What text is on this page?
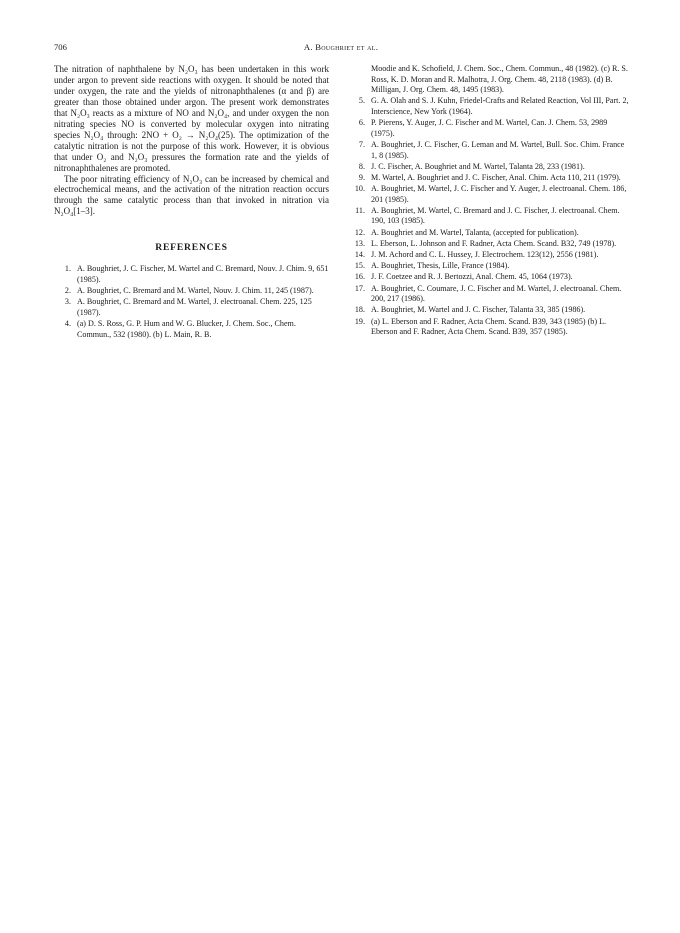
706	A. Boughriet et al.

The nitration of naphthalene by N₂O₃ has been undertaken in this work under argon to prevent side reactions with oxygen. It should be noted that under oxygen, the rate and the yields of nitronaphthalenes (α and β) are greater than those obtained under argon. The present work demonstrates that N₂O₃ reacts as a mixture of NO and N₂O₄, and under oxygen the non nitrating species NO is converted by molecular oxygen into nitrating species N₂O₄ through: 2NO + O₂ → N₂O₄(25). The optimization of the catalytic nitration is not the purpose of this work. However, it is obvious that under O₂ and N₂O₃ pressures the formation rate and the yields of nitronaphthalenes are promoted.

The poor nitrating efficiency of N₂O₃ can be increased by chemical and electrochemical means, and the activation of the nitration reaction occurs through the same catalytic process than that invoked in nitration via N₂O₄[1–3].

REFERENCES
1. A. Boughriet, J. C. Fischer, M. Wartel and C. Bremard, Nouv. J. Chim. 9, 651 (1985).
2. A. Boughriet, C. Bremard and M. Wartel, Nouv. J. Chim. 11, 245 (1987).
3. A. Boughriet, C. Bremard and M. Wartel, J. electroanal. Chem. 225, 125 (1987).
4. (a) D. S. Ross, G. P. Hum and W. G. Blucker, J. Chem. Soc., Chem. Commun., 532 (1980). (b) L. Main, R. B.
Moodie and K. Schofield, J. Chem. Soc., Chem. Commun., 48 (1982). (c) R. S. Ross, K. D. Moran and R. Malhotra, J. Org. Chem. 48, 2118 (1983). (d) B. Milligan, J. Org. Chem. 48, 1495 (1983).
5. G. A. Olah and S. J. Kuhn, Friedel-Crafts and Related Reaction, Vol III, Part. 2, Interscience, New York (1964).
6. P. Pierens, Y. Auger, J. C. Fischer and M. Wartel, Can. J. Chem. 53, 2989 (1975).
7. A. Boughriet, J. C. Fischer, G. Leman and M. Wartel, Bull. Soc. Chim. France 1, 8 (1985).
8. J. C. Fischer, A. Boughriet and M. Wartel, Talanta 28, 233 (1981).
9. M. Wartel, A. Boughriet and J. C. Fischer, Anal. Chim. Acta 110, 211 (1979).
10. A. Boughriet, M. Wartel, J. C. Fischer and Y. Auger, J. electroanal. Chem. 186, 201 (1985).
11. A. Boughriet, M. Wartel, C. Bremard and J. C. Fischer, J. electroanal. Chem. 190, 103 (1985).
12. A. Boughriet and M. Wartel, Talanta, (accepted for publication).
13. L. Eberson, L. Johnson and F. Radner, Acta Chem. Scand. B32, 749 (1978).
14. J. M. Achord and C. L. Hussey, J. Electrochem. 123(12), 2556 (1981).
15. A. Boughriet, Thesis, Lille, France (1984).
16. J. F. Coetzee and R. J. Bertozzi, Anal. Chem. 45, 1064 (1973).
17. A. Boughriet, C. Coumare, J. C. Fischer and M. Wartel, J. electroanal. Chem. 200, 217 (1986).
18. A. Boughriet, M. Wartel and J. C. Fischer, Talanta 33, 385 (1986).
19. (a) L. Eberson and F. Radner, Acta Chem. Scand. B39, 343 (1985) (b) L. Eberson and F. Radner, Acta Chem. Scand. B39, 357 (1985).
